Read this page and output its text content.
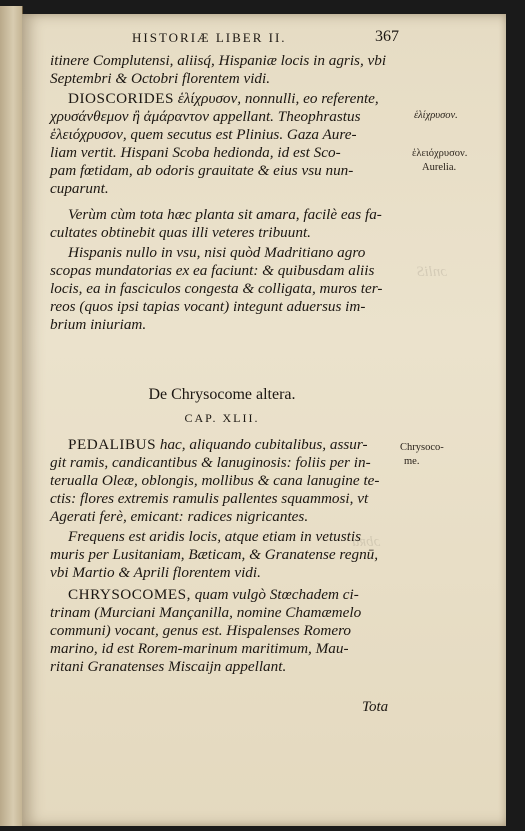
ɔnliS
ɔbʀu
HISTORIÆ LIBER II.	367
itinere Complutensi, aliisq́, Hispaniæ locis in agris, vbi
Septembri & Octobri florentem vidi.
DIOSCORIDES ἑλίχρυσον, nonnulli, eo referente,
χρυσάνθεμον ἢ ἀμάραντον appellant. Theophrastus
ἑλειόχρυσον, quem secutus est Plinius. Gaza Aure-
liam vertit. Hispani Scoba hedionda, id est Sco-
pam fœtidam, ab odoris grauitate & eius vsu nun-
cuparunt.
Verùm cùm tota hæc planta sit amara, facilè eas fa-
cultates obtinebit quas illi veteres tribuunt.
Hispanis nullo in vsu, nisi quòd Madritiano agro
scopas mundatorias ex ea faciunt: & quibusdam aliis
locis, ea in fasciculos congesta & colligata, muros ter-
reos (quos ipsi tapias vocant) integunt aduersus im-
brium iniuriam.
De Chrysocome altera.
CAP. XLII.
PEDALIBUS hac, aliquando cubitalibus, assur-
git ramis, candicantibus & lanuginosis: foliis per in-
terualla Oleæ, oblongis, mollibus & cana lanugine te-
ctis: flores extremis ramulis pallentes squammosi, vt
Agerati ferè, emicant: radices nigricantes.
Frequens est aridis locis, atque etiam in vetustis
muris per Lusitaniam, Bæticam, & Granatense regnū,
vbi Martio & Aprili florentem vidi.
CHRYSOCOMES, quam vulgò Stœchadem ci-
trinam (Murciani Mançanilla, nomine Chamæmelo
communi) vocant, genus est. Hispalenses Romero
marino, id est Rorem-marinum maritimum, Mau-
ritani Granatenses Miscaijn appellant.
Tota
ἑλίχρυσον.
ἑλειόχρυσον.
Aurelia.
Chrysoco-
me.
